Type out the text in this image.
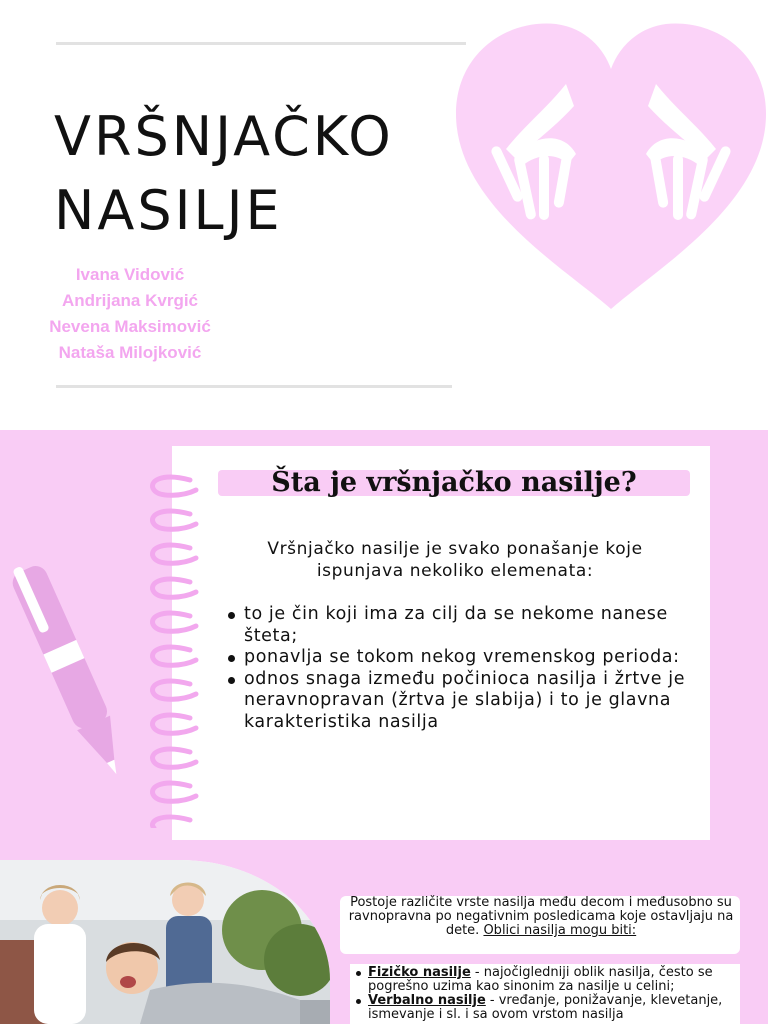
VRŠNJAČKO
NASILJE
Ivana Vidović
Andrijana Kvrgić
Nevena Maksimović
Nataša Milojković
Šta je vršnjačko nasilje?

Vršnjačko nasilje je svako ponašanje koje ispunjava nekoliko elemenata:

to je čin koji ima za cilj da se nekome nanese šteta;
ponavlja se tokom nekog vremenskog perioda:
odnos snaga između počinioca nasilja i žrtve je neravnopravan (žrtva je slabija) i to je glavna karakteristika nasilja

Postoje različite vrste nasilja među decom i međusobno su ravnopravna po negativnim posledicama koje ostavljaju na dete. Oblici nasilja mogu biti:

Fizičko nasilje - najočigledniji oblik nasilja, često se pogrešno uzima kao sinonim za nasilje u celini;
Verbalno nasilje - vređanje, ponižavanje, klevetanje, ismevanje i sl. i sa ovom vrstom nasilja
